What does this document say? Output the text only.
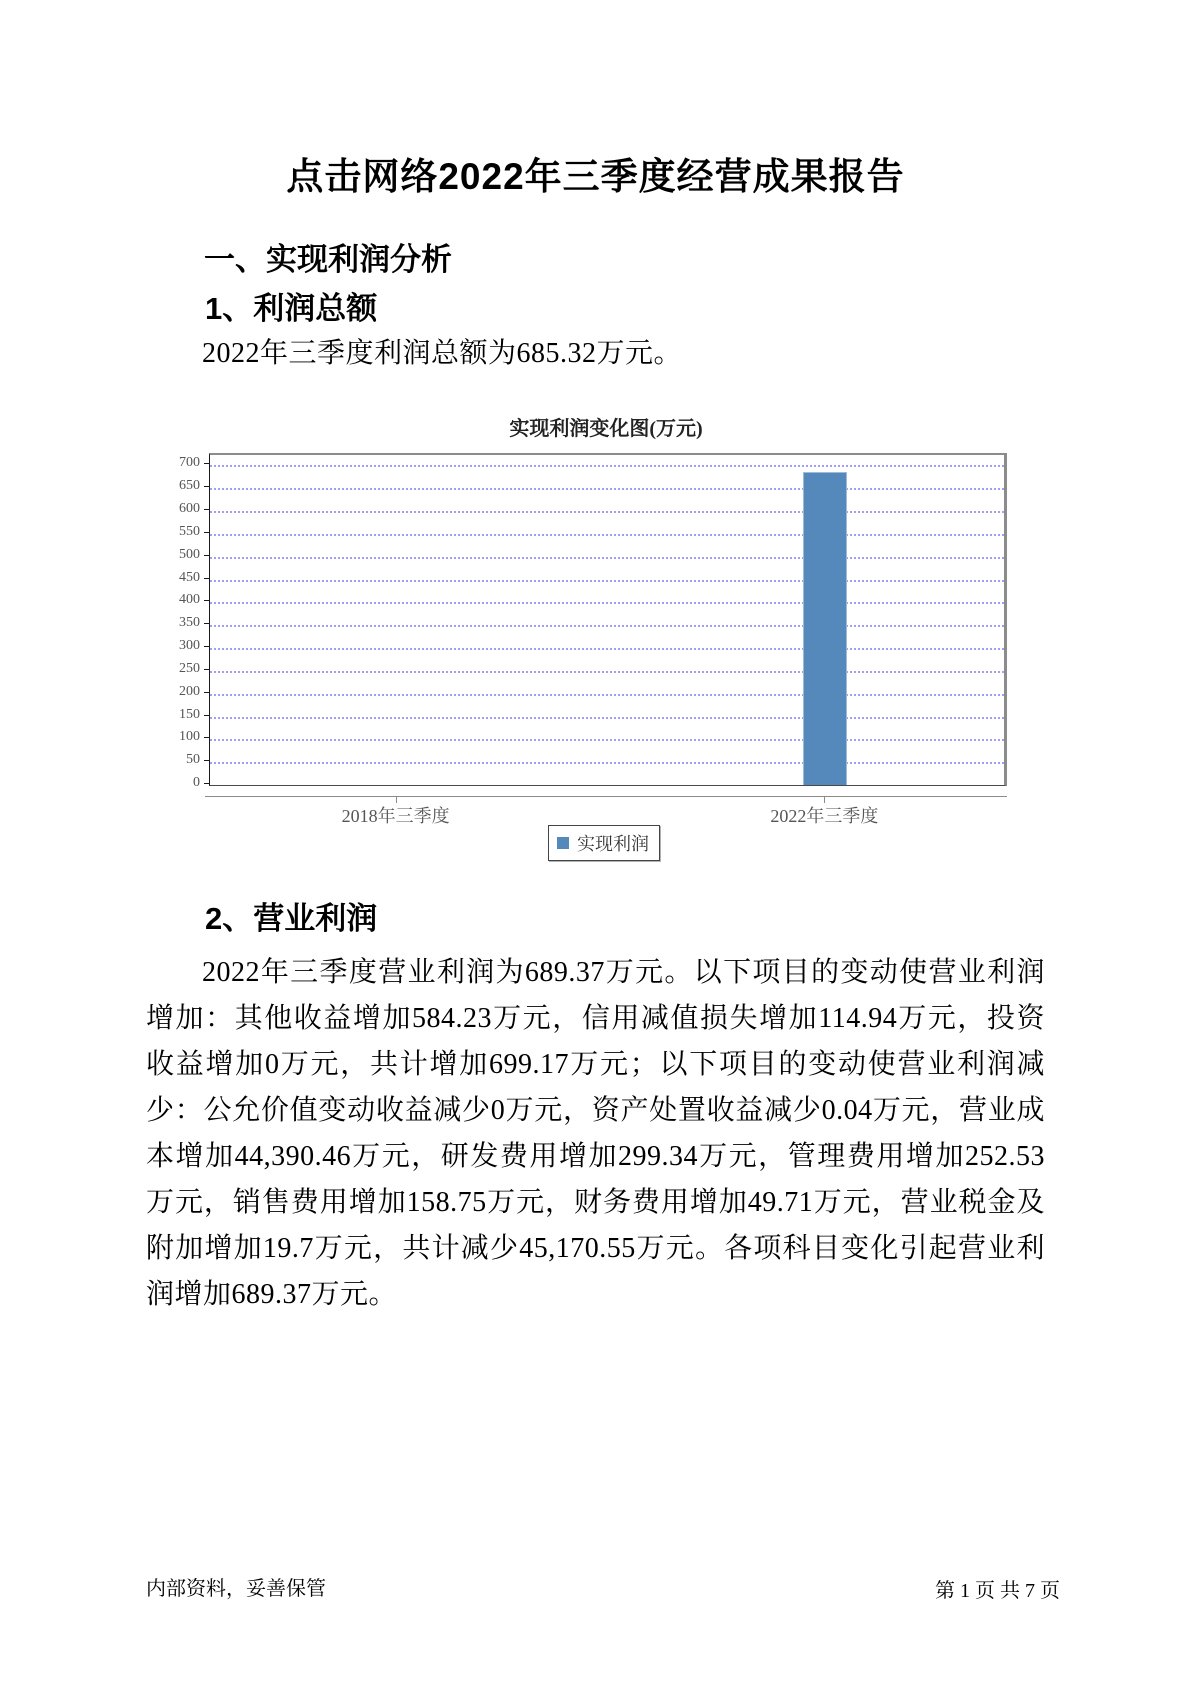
点击网络2022年三季度经营成果报告
一、实现利润分析
1、利润总额
2022年三季度利润总额为685.32万元。
实现利润变化图(万元)
0
50
100
150
200
250
300
350
400
450
500
550
600
650
700
2018年三季度	2022年三季度
实现利润
2、营业利润
2022年三季度营业利润为689.37万元。以下项目的变动使营业利润增加：其他收益增加584.23万元，信用减值损失增加114.94万元，投资收益增加0万元，共计增加699.17万元；以下项目的变动使营业利润减少：公允价值变动收益减少0万元，资产处置收益减少0.04万元，营业成本增加44,390.46万元，研发费用增加299.34万元，管理费用增加252.53万元，销售费用增加158.75万元，财务费用增加49.71万元，营业税金及附加增加19.7万元，共计减少45,170.55万元。各项科目变化引起营业利润增加689.37万元。
内部资料，妥善保管	第 1 页 共 7 页
